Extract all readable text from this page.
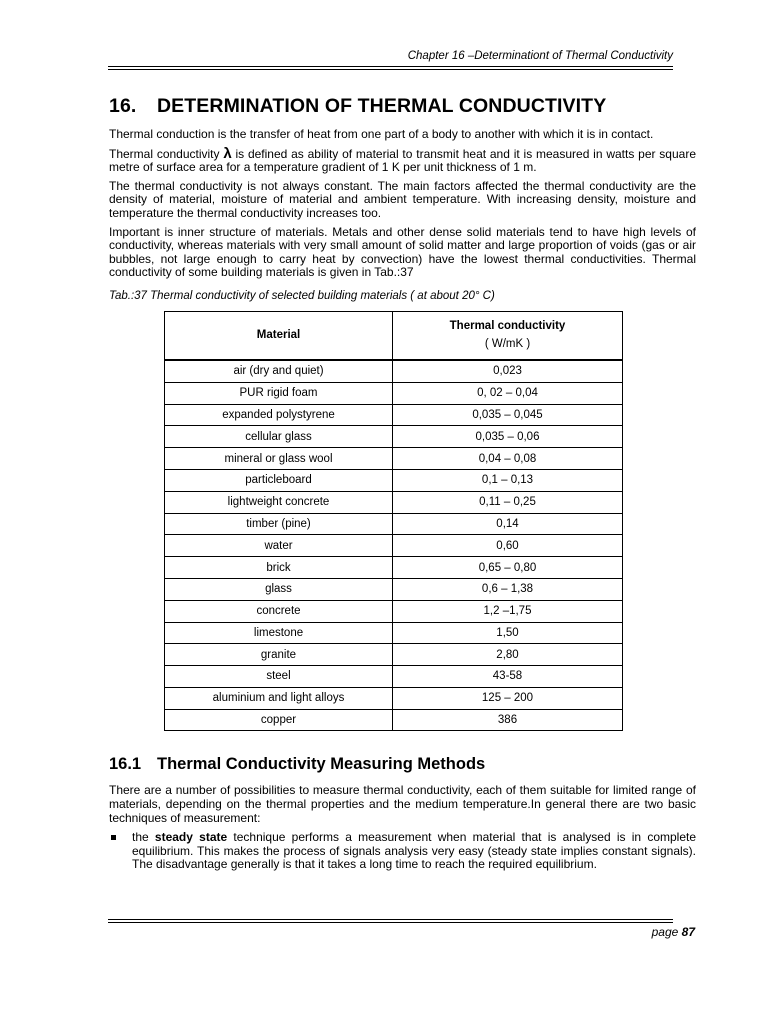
Chapter 16 –Determinationt of Thermal Conductivity
16. DETERMINATION OF THERMAL CONDUCTIVITY

Thermal conduction is the transfer of heat from one part of a body to another with which it is in contact.

Thermal conductivity λ is defined as ability of material to transmit heat and it is measured in watts per square metre of surface area for a temperature gradient of 1 K per unit thickness of 1 m.

The thermal conductivity is not always constant. The main factors affected the thermal conductivity are the density of material, moisture of material and ambient temperature. With increasing density, moisture and temperature the thermal conductivity increases too.

Important is inner structure of materials. Metals and other dense solid materials tend to have high levels of conductivity, whereas materials with very small amount of solid matter and large proportion of voids (gas or air bubbles, not large enough to carry heat by convection) have the lowest thermal conductivities. Thermal conductivity of some building materials is given in Tab.:37

Tab.:37 Thermal conductivity of selected building materials ( at about 20° C)
Material	Thermal conductivity
( W/mK )

air (dry and quiet)	0,023
PUR rigid foam	0, 02 – 0,04
expanded polystyrene	0,035 – 0,045
cellular glass	0,035 – 0,06
mineral or glass wool	0,04 – 0,08
particleboard	0,1 – 0,13
lightweight concrete	0,11 – 0,25
timber (pine)	0,14
water	0,60
brick	0,65 – 0,80
glass	0,6 – 1,38
concrete	1,2 –1,75
limestone	1,50
granite	2,80
steel	43-58
aluminium and light alloys	125 – 200
copper	386
16.1 Thermal Conductivity Measuring Methods

There are a number of possibilities to measure thermal conductivity, each of them suitable for limited range of materials, depending on the thermal properties and the medium temperature.In general there are two basic techniques of measurement:

the steady state technique performs a measurement when material that is analysed is in complete equilibrium. This makes the process of signals analysis very easy (steady state implies constant signals). The disadvantage generally is that it takes a long time to reach the required equilibrium.
page 87
